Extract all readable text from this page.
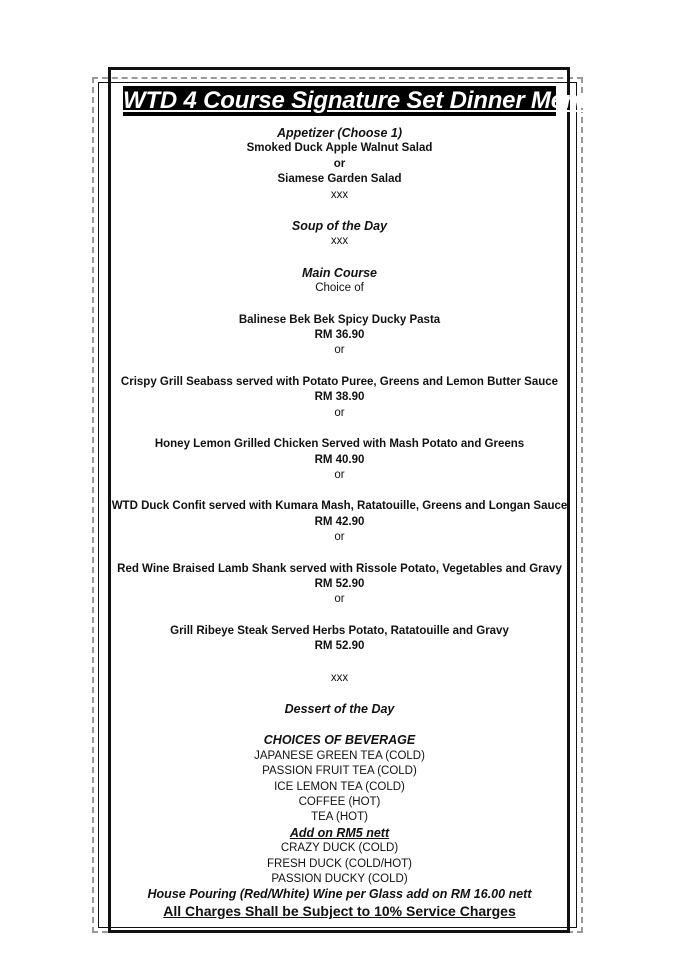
WTD 4 Course Signature Set Dinner Menu
Appetizer (Choose 1)
Smoked Duck Apple Walnut Salad
or
Siamese Garden Salad
xxx
Soup of the Day
xxx
Main Course
Choice of
Balinese Bek Bek Spicy Ducky Pasta
RM 36.90
or
Crispy Grill Seabass served with Potato Puree, Greens and Lemon Butter Sauce
RM 38.90
or
Honey Lemon Grilled Chicken Served with Mash Potato and Greens
RM 40.90
or
WTD Duck Confit served with Kumara Mash, Ratatouille, Greens and Longan Sauce
RM 42.90
or
Red Wine Braised Lamb Shank served with Rissole Potato, Vegetables and Gravy
RM 52.90
or
Grill Ribeye Steak Served Herbs Potato, Ratatouille and Gravy
RM 52.90
xxx
Dessert of the Day
CHOICES OF BEVERAGE
JAPANESE GREEN TEA (COLD)
PASSION FRUIT TEA (COLD)
ICE LEMON TEA (COLD)
COFFEE (HOT)
TEA (HOT)
Add on RM5 nett
CRAZY DUCK (COLD)
FRESH DUCK (COLD/HOT)
PASSION DUCKY (COLD)
House Pouring (Red/White) Wine per Glass add on RM 16.00 nett
All Charges Shall be Subject to 10% Service Charges
